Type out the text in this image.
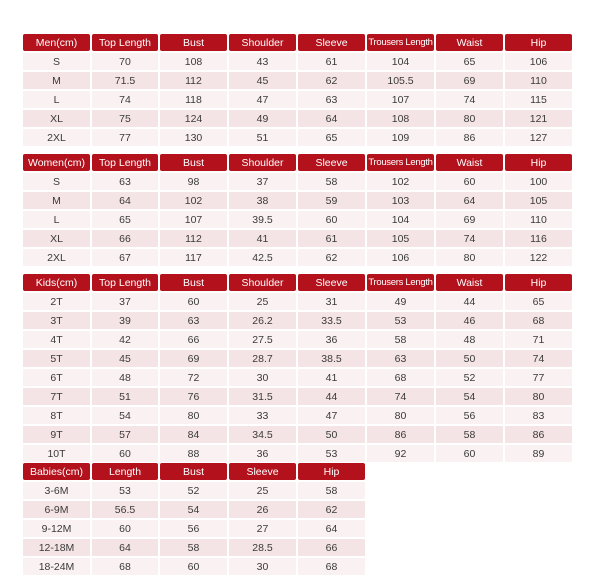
Men(cm)	Top Length	Bust	Shoulder	Sleeve	Trousers Length	Waist	Hip
S	70	108	43	61	104	65	106
M	71.5	112	45	62	105.5	69	110
L	74	118	47	63	107	74	115
XL	75	124	49	64	108	80	121
2XL	77	130	51	65	109	86	127
Women(cm)	Top Length	Bust	Shoulder	Sleeve	Trousers Length	Waist	Hip
S	63	98	37	58	102	60	100
M	64	102	38	59	103	64	105
L	65	107	39.5	60	104	69	110
XL	66	112	41	61	105	74	116
2XL	67	117	42.5	62	106	80	122
Kids(cm)	Top Length	Bust	Shoulder	Sleeve	Trousers Length	Waist	Hip
2T	37	60	25	31	49	44	65
3T	39	63	26.2	33.5	53	46	68
4T	42	66	27.5	36	58	48	71
5T	45	69	28.7	38.5	63	50	74
6T	48	72	30	41	68	52	77
7T	51	76	31.5	44	74	54	80
8T	54	80	33	47	80	56	83
9T	57	84	34.5	50	86	58	86
10T	60	88	36	53	92	60	89
Babies(cm)	Length	Bust	Sleeve	Hip
3-6M	53	52	25	58
6-9M	56.5	54	26	62
9-12M	60	56	27	64
12-18M	64	58	28.5	66
18-24M	68	60	30	68
